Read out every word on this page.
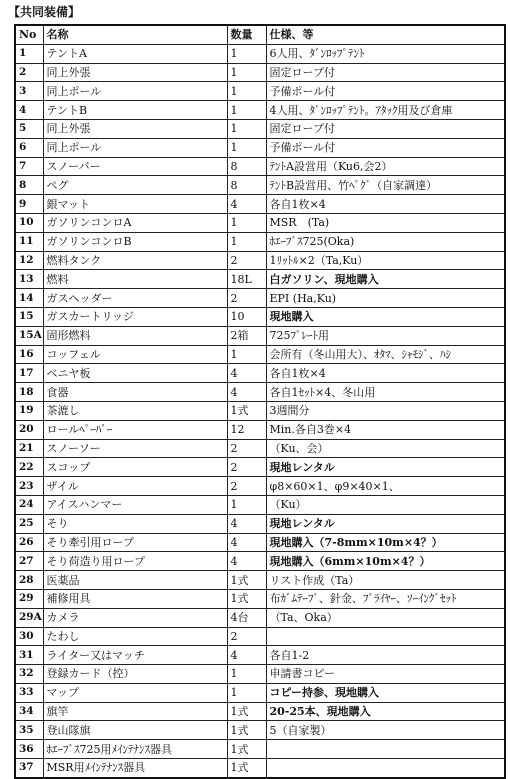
【共同装備】
No	名称	数量	仕様、等
1	テントA	1	6人用、ﾀﾞﾝﾛｯﾌﾟﾃﾝﾄ
2	同上外張	1	固定ロープ付
3	同上ポール	1	予備ポール付
4	テントB	1	4人用、ﾀﾞﾝﾛｯﾌﾟﾃﾝﾄ。ｱﾀｯｸ用及び倉庫
5	同上外張	1	固定ロープ付
6	同上ポール	1	予備ポール付
7	スノーバー	8	ﾃﾝﾄA設営用（Ku6,会2）
8	ペグ	8	ﾃﾝﾄB設営用、竹ﾍﾟｸﾞ（自家調達）
9	銀マット	4	各自1枚×4
10	ガソリンコンロA	1	MSR　(Ta)
11	ガソリンコンロB	1	ﾎｴｰﾌﾞｽ725(Oka)
12	燃料タンク	2	1ﾘｯﾄﾙ×2（Ta,Ku）
13	燃料	18L	白ガソリン、現地購入
14	ガスヘッダー	2	EPI (Ha,Ku)
15	ガスカートリッジ	10	現地購入
15A	固形燃料	2箱	725ﾌﾟﾚｰﾄ用
16	コッフェル	1	会所有（冬山用大）、ｵﾀﾏ、ｼｬﾓｼﾞ、ﾊｼ
17	ベニヤ板	4	各自1枚×4
18	食器	4	各自1ｾｯﾄ×4、冬山用
19	茶漉し	1式	3週間分
20	ロールﾍﾟｰﾊﾟｰ	12	Min.各自3巻×4
21	スノーソー	2	（Ku、会）
22	スコップ	2	現地レンタル
23	ザイル	2	φ8×60×1、φ9×40×1、
24	アイスハンマー	1	（Ku）
25	そり	4	現地レンタル
26	そり牽引用ロープ	4	現地購入（7-8mm×10m×4？）
27	そり荷造り用ロープ	4	現地購入（6mm×10m×4？）
28	医薬品	1式	リスト作成（Ta）
29	補修用具	1式	布ｶﾞﾑﾃｰﾌﾟ、針金、ﾌﾟﾗｲﾔｰ、ｿｰｲﾝｸﾞｾｯﾄ
29A	カメラ	4台	（Ta、Oka）
30	たわし	2	
31	ライター又はマッチ	4	各自1-2
32	登録カード（控）	1	申請書コピー
33	マップ	1	コピー持参、現地購入
34	旗竿	1式	20-25本、現地購入
35	登山隊旗	1式	5（自家製）
36	ﾎｴｰﾌﾞｽ725用ﾒｲﾝﾃﾅﾝｽ器具	1式	
37	MSR用ﾒｲﾝﾃﾅﾝｽ器具	1式	
